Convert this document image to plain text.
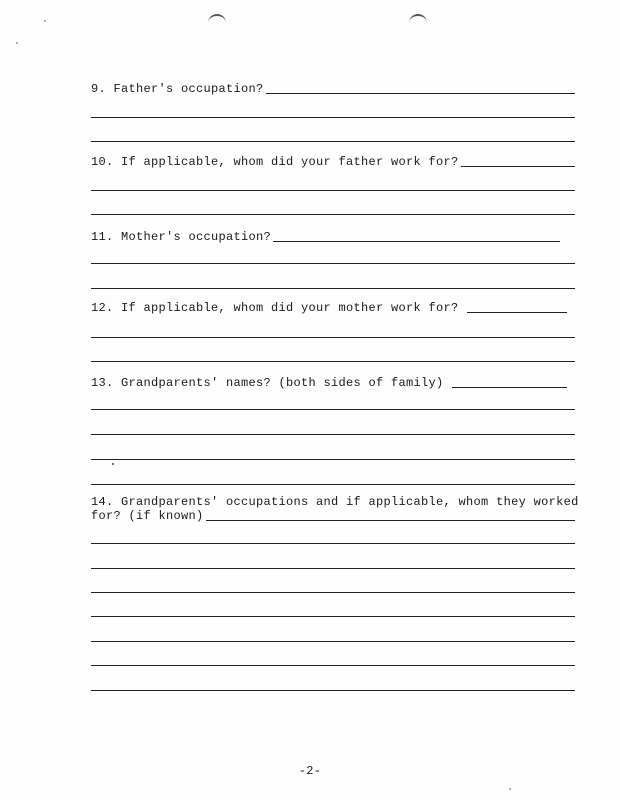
9. Father's occupation?
10. If applicable, whom did your father work for?
11. Mother's occupation?
12. If applicable, whom did your mother work for?
13. Grandparents' names? (both sides of family)
14. Grandparents' occupations and if applicable, whom they worked
for? (if known)
-2-
